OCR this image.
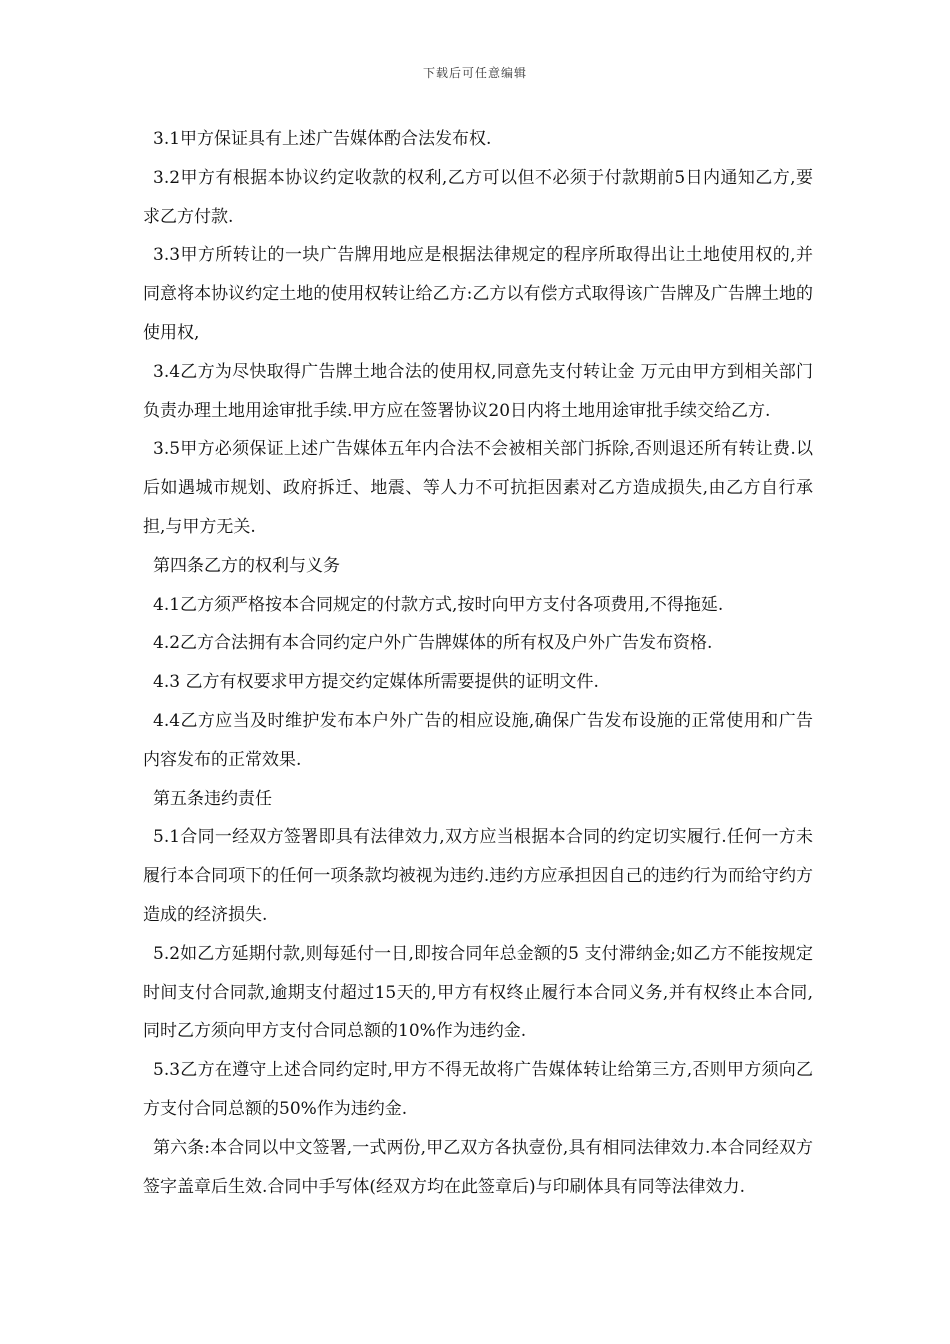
下载后可任意编辑

3.1甲方保证具有上述广告媒体酌合法发布权.

3.2甲方有根据本协议约定收款的权利,乙方可以但不必须于付款期前5日内通知乙方,要求乙方付款.

3.3甲方所转让的一块广告牌用地应是根据法律规定的程序所取得出让土地使用权的,并同意将本协议约定土地的使用权转让给乙方:乙方以有偿方式取得该广告牌及广告牌土地的使用权,

3.4乙方为尽快取得广告牌土地合法的使用权,同意先支付转让金 万元由甲方到相关部门负责办理土地用途审批手续.甲方应在签署协议20日内将土地用途审批手续交给乙方.

3.5甲方必须保证上述广告媒体五年内合法不会被相关部门拆除,否则退还所有转让费.以后如遇城市规划、政府拆迁、地震、等人力不可抗拒因素对乙方造成损失,由乙方自行承担,与甲方无关.

第四条乙方的权利与义务

4.1乙方须严格按本合同规定的付款方式,按时向甲方支付各项费用,不得拖延.

4.2乙方合法拥有本合同约定户外广告牌媒体的所有权及户外广告发布资格.

4.3 乙方有权要求甲方提交约定媒体所需要提供的证明文件.

4.4乙方应当及时维护发布本户外广告的相应设施,确保广告发布设施的正常使用和广告内容发布的正常效果.

第五条违约责任

5.1合同一经双方签署即具有法律效力,双方应当根据本合同的约定切实履行.任何一方未履行本合同项下的任何一项条款均被视为违约.违约方应承担因自己的违约行为而给守约方造成的经济损失.

5.2如乙方延期付款,则每延付一日,即按合同年总金额的5 支付滞纳金;如乙方不能按规定时间支付合同款,逾期支付超过15天的,甲方有权终止履行本合同义务,并有权终止本合同,同时乙方须向甲方支付合同总额的10%作为违约金.

5.3乙方在遵守上述合同约定时,甲方不得无故将广告媒体转让给第三方,否则甲方须向乙方支付合同总额的50%作为违约金.

第六条:本合同以中文签署,一式两份,甲乙双方各执壹份,具有相同法律效力.本合同经双方签字盖章后生效.合同中手写体(经双方均在此签章后)与印刷体具有同等法律效力.
